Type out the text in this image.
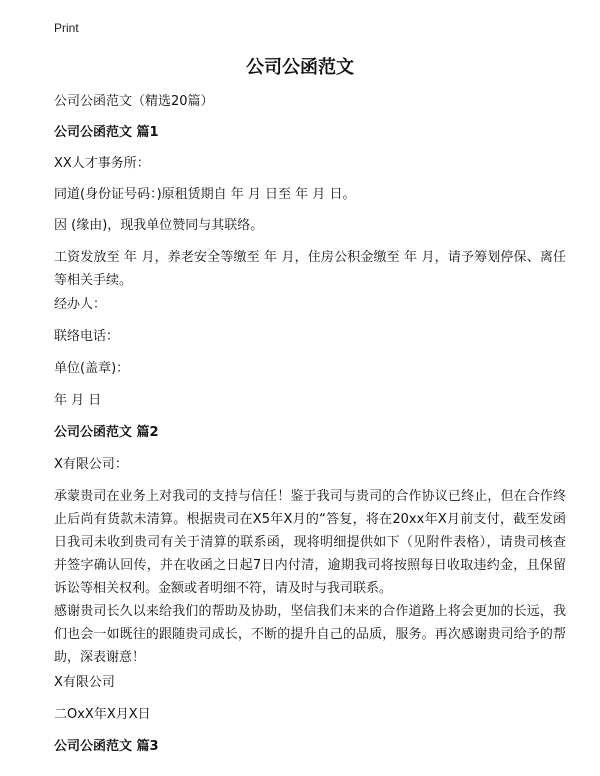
Print
公司公函范文
公司公函范文（精选20篇）
公司公函范文 篇1
XX人才事务所：
同道(身份证号码：)原租赁期自 年 月 日至 年 月 日。
因 (缘由)，现我单位赞同与其联络。
工资发放至 年 月，养老安全等缴至 年 月，住房公积金缴至 年 月，请予筹划停保、离任等相关手续。
经办人：
联络电话：
单位(盖章)：
年 月 日
公司公函范文 篇2
X有限公司：
承蒙贵司在业务上对我司的支持与信任！鉴于我司与贵司的合作协议已终止，但在合作终止后尚有货款未清算。根据贵司在X5年X月的“答复，将在20xx年X月前支付，截至发函日我司未收到贵司有关于清算的联系函，现将明细提供如下（见附件表格），请贵司核查并签字确认回传，并在收函之日起7日内付清，逾期我司将按照每日收取违约金，且保留诉讼等相关权利。金额或者明细不符，请及时与我司联系。
感谢贵司长久以来给我们的帮助及协助，坚信我们未来的合作道路上将会更加的长远，我们也会一如既往的跟随贵司成长，不断的提升自己的品质，服务。再次感谢贵司给予的帮助，深表谢意！
X有限公司
二OxX年X月X日
公司公函范文 篇3
